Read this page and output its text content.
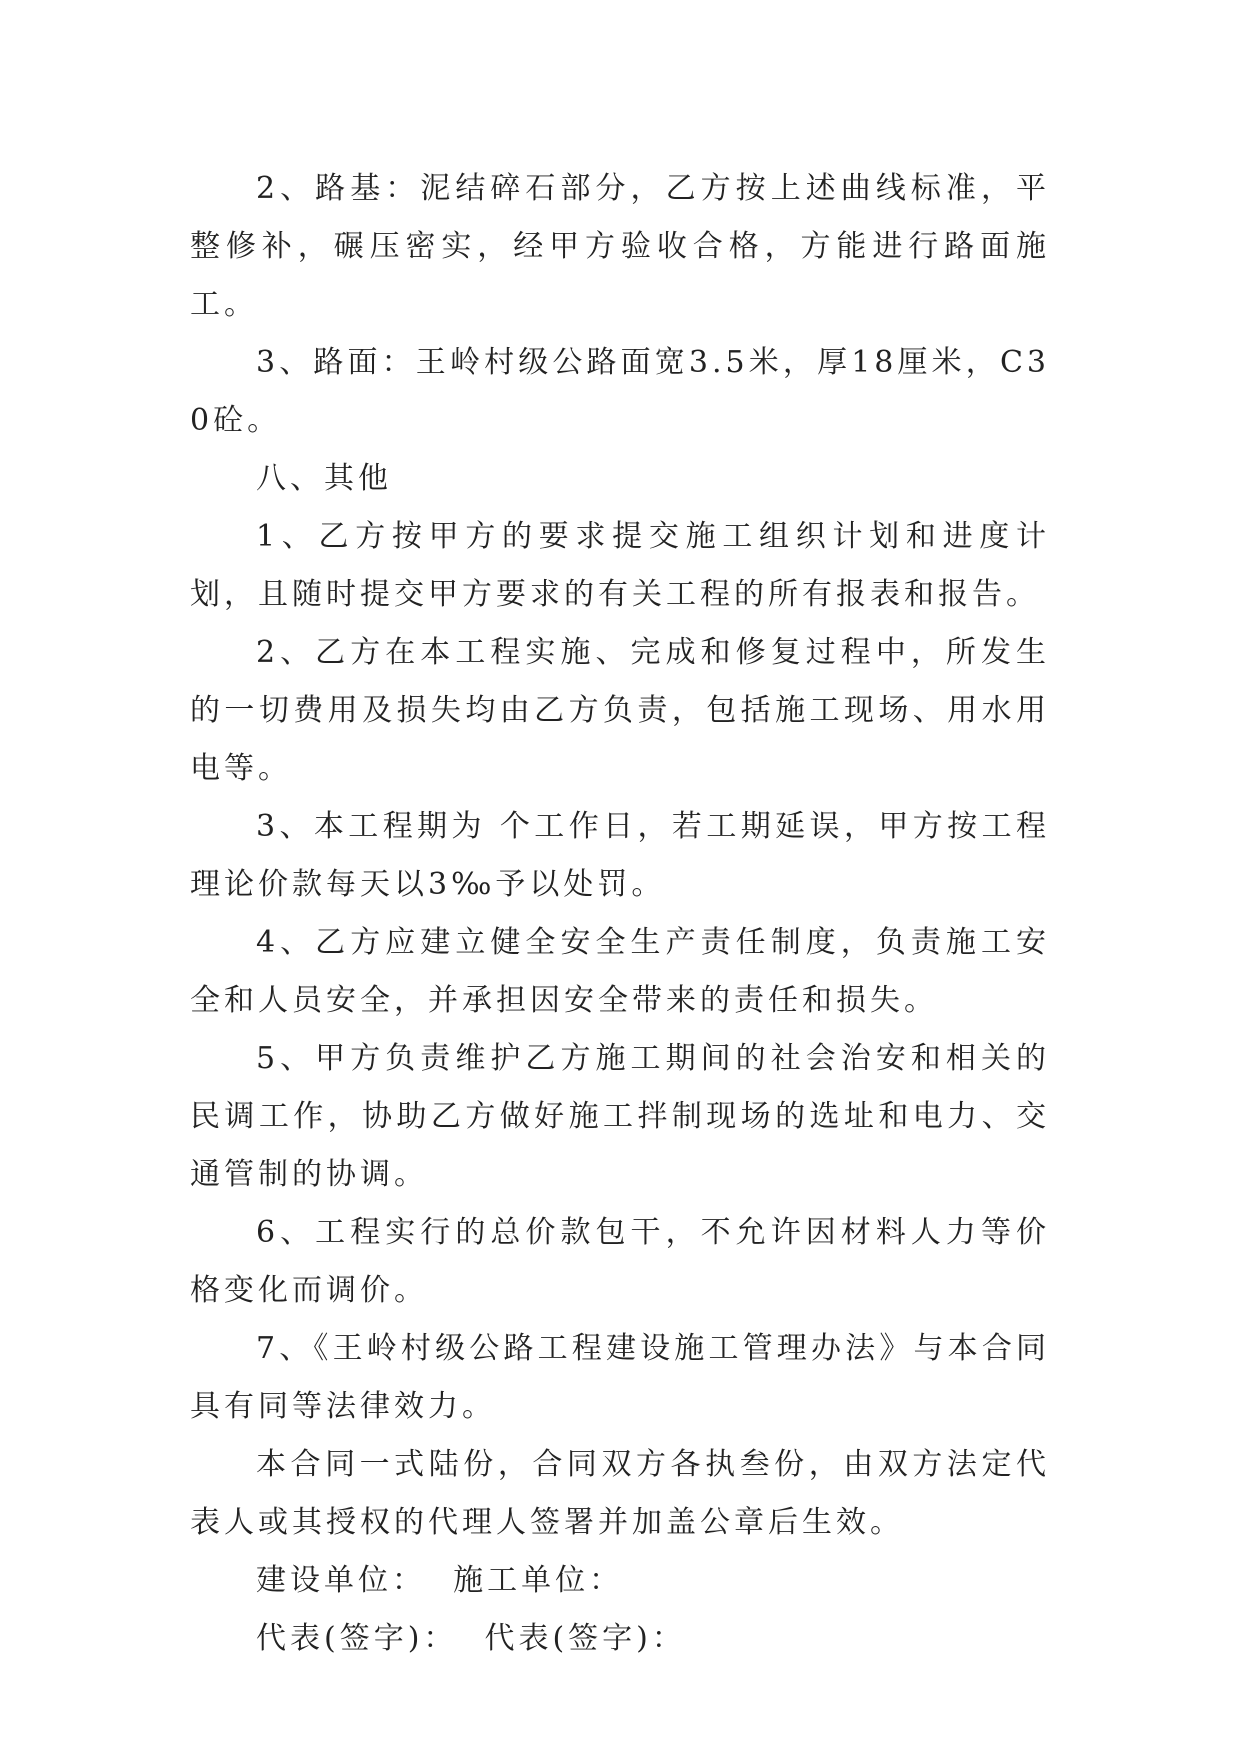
2、路基：泥结碎石部分，乙方按上述曲线标准，平整修补，碾压密实，经甲方验收合格，方能进行路面施工。

3、路面：王岭村级公路面宽3.5米，厚18厘米，C30砼。

八、其他

1、乙方按甲方的要求提交施工组织计划和进度计划，且随时提交甲方要求的有关工程的所有报表和报告。

2、乙方在本工程实施、完成和修复过程中，所发生的一切费用及损失均由乙方负责，包括施工现场、用水用电等。

3、本工程期为 个工作日，若工期延误，甲方按工程理论价款每天以3‰予以处罚。

4、乙方应建立健全安全生产责任制度，负责施工安全和人员安全，并承担因安全带来的责任和损失。

5、甲方负责维护乙方施工期间的社会治安和相关的民调工作，协助乙方做好施工拌制现场的选址和电力、交通管制的协调。

6、工程实行的总价款包干，不允许因材料人力等价格变化而调价。

7、《王岭村级公路工程建设施工管理办法》与本合同具有同等法律效力。

本合同一式陆份，合同双方各执叁份，由双方法定代表人或其授权的代理人签署并加盖公章后生效。

建设单位：  施工单位：

代表(签字)：  代表(签字)：
